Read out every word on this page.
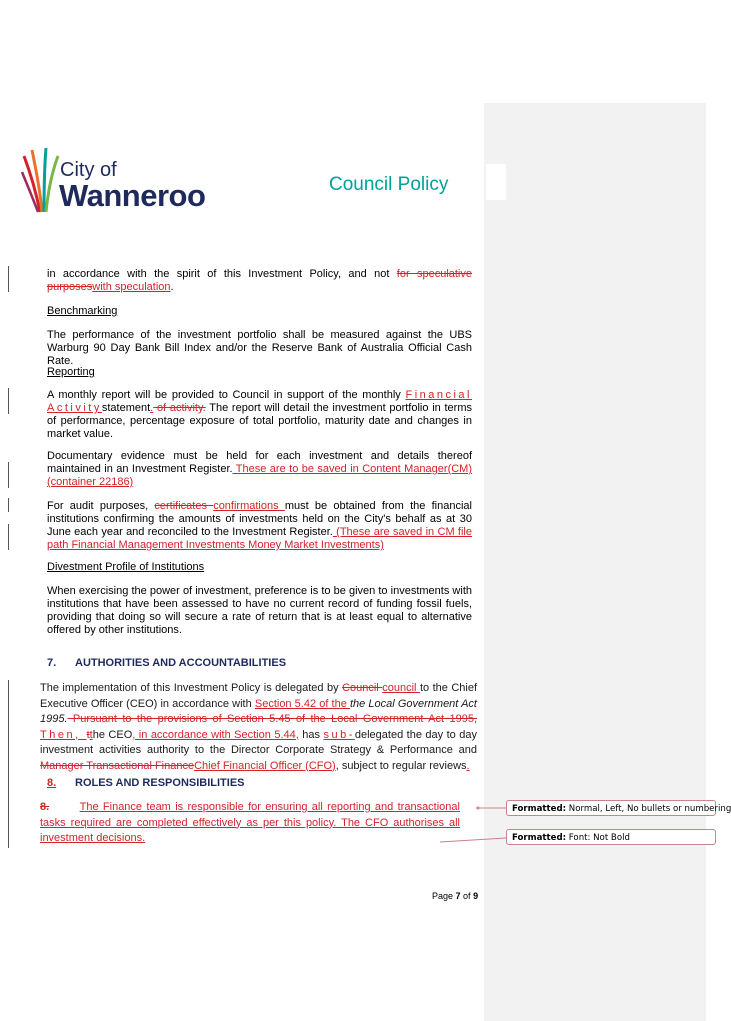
City of
Wanneroo	Council Policy
in accordance with the spirit of this Investment Policy, and not for speculative purposeswith speculation.
Benchmarking
The performance of the investment portfolio shall be measured against the UBS Warburg 90 Day Bank Bill Index and/or the Reserve Bank of Australia Official Cash Rate.
Reporting
A monthly report will be provided to Council in support of the monthly Financial Activitystatement. of activity. The report will detail the investment portfolio in terms of performance, percentage exposure of total portfolio, maturity date and changes in market value.
Documentary evidence must be held for each investment and details thereof maintained in an Investment Register. These are to be saved in Content Manager(CM) (container 22186)
For audit purposes, certificates confirmations must be obtained from the financial institutions confirming the amounts of investments held on the City's behalf as at 30 June each year and reconciled to the Investment Register. (These are saved in CM file path Financial Management Investments Money Market Investments)
Divestment Profile of Institutions
When exercising the power of investment, preference is to be given to investments with institutions that have been assessed to have no current record of funding fossil fuels, providing that doing so will secure a rate of return that is at least equal to alternative offered by other institutions.
7. AUTHORITIES AND ACCOUNTABILITIES
The implementation of this Investment Policy is delegated by Council council to the Chief Executive Officer (CEO) in accordance with Section 5.42 of the the Local Government Act 1995. Pursuant to the provisions of Section 5.45 of the Local Government Act 1995, Then, tthe CEO, in accordance with Section 5.44, has sub-delegated the day to day investment activities authority to the Director Corporate Strategy & Performance and Manager Transactional FinanceChief Financial Officer (CFO), subject to regular reviews.
8. ROLES AND RESPONSIBILITIES
8.	The Finance team is responsible for ensuring all reporting and transactional tasks required are completed effectively as per this policy. The CFO authorises all investment decisions.
Formatted: Normal, Left, No bullets or numbering
Formatted: Font: Not Bold
Page 7 of 9
